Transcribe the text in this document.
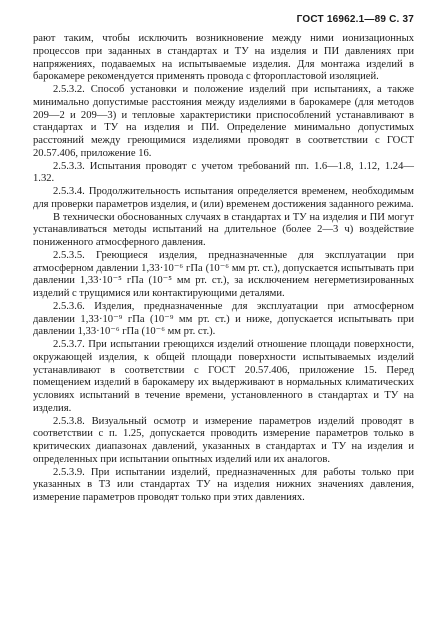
ГОСТ 16962.1—89 С. 37

рают таким, чтобы исключить возникновение между ними ионизационных процессов при заданных в стандартах и ТУ на изделия и ПИ давлениях при напряжениях, подаваемых на испытываемые изделия. Для монтажа изделий в барокамере рекомендуется применять провода с фторопластовой изоляцией.

2.5.3.2. Способ установки и положение изделий при испытаниях, а также минимально допустимые расстояния между изделиями в барокамере (для методов 209—2 и 209—3) и тепловые характеристики приспособлений устанавливают в стандартах и ТУ на изделия и ПИ. Определение минимально допустимых расстояний между греющимися изделиями проводят в соответствии с ГОСТ 20.57.406, приложение 16.

2.5.3.3. Испытания проводят с учетом требований пп. 1.6—1.8, 1.12, 1.24—1.32.

2.5.3.4. Продолжительность испытания определяется временем, необходимым для проверки параметров изделия, и (или) временем достижения заданного режима.

В технически обоснованных случаях в стандартах и ТУ на изделия и ПИ могут устанавливаться методы испытаний на длительное (более 2—3 ч) воздействие пониженного атмосферного давления.

2.5.3.5. Греющиеся изделия, предназначенные для эксплуатации при атмосферном давлении 1,33·10⁻⁶ гПа (10⁻⁶ мм рт. ст.), допускается испытывать при давлении 1,33·10⁻⁵ гПа (10⁻⁵ мм рт. ст.), за исключением негерметизированных изделий с трущимися или контактирующими деталями.

2.5.3.6. Изделия, предназначенные для эксплуатации при атмосферном давлении 1,33·10⁻⁹ гПа (10⁻⁹ мм рт. ст.) и ниже, допускается испытывать при давлении 1,33·10⁻⁶ гПа (10⁻⁶ мм рт. ст.).

2.5.3.7. При испытании греющихся изделий отношение площади поверхности, окружающей изделия, к общей площади поверхности испытываемых изделий устанавливают в соответствии с ГОСТ 20.57.406, приложение 15. Перед помещением изделий в барокамеру их выдерживают в нормальных климатических условиях испытаний в течение времени, установленного в стандартах и ТУ на изделия.

2.5.3.8. Визуальный осмотр и измерение параметров изделий проводят в соответствии с п. 1.25, допускается проводить измерение параметров только в критических диапазонах давлений, указанных в стандартах и ТУ на изделия и определенных при испытании опытных изделий или их аналогов.

2.5.3.9. При испытании изделий, предназначенных для работы только при указанных в ТЗ или стандартах ТУ на изделия нижних значениях давления, измерение параметров проводят только при этих давлениях.
